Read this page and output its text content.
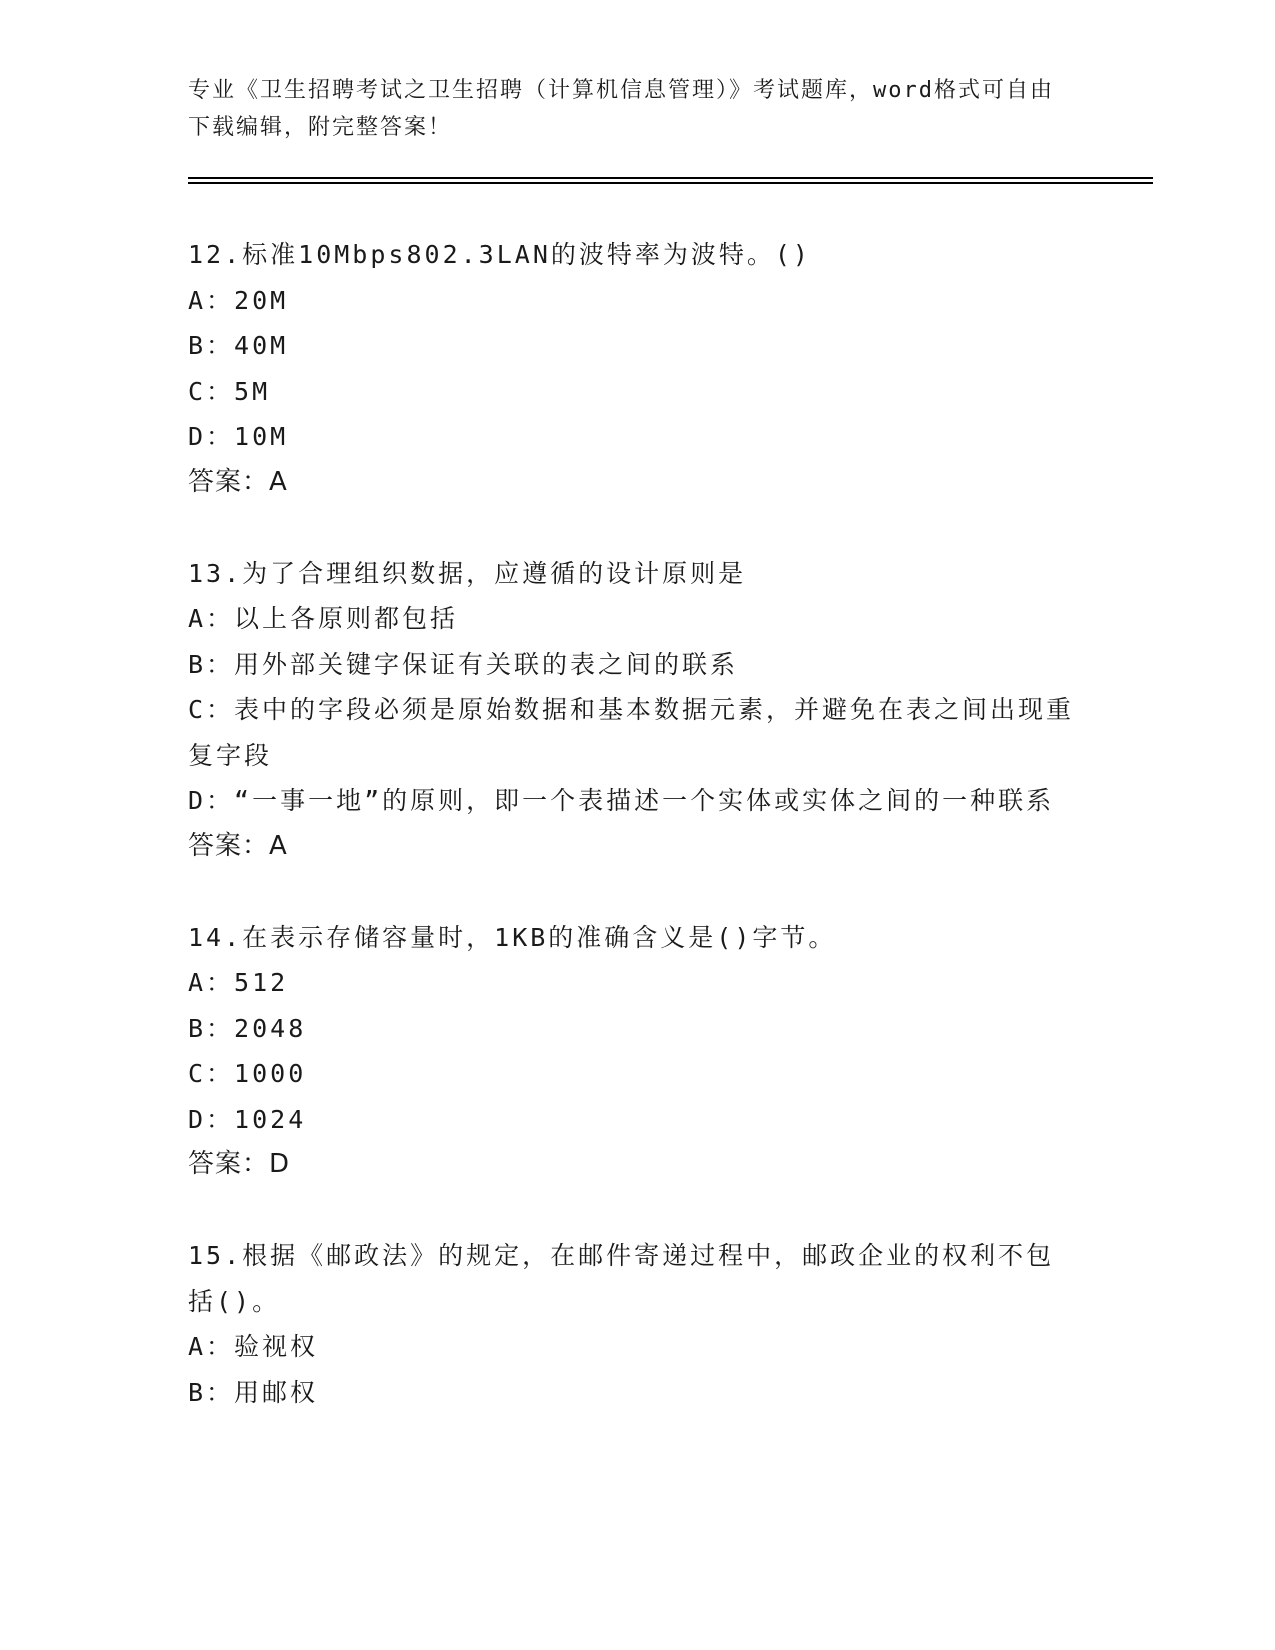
专业《卫生招聘考试之卫生招聘（计算机信息管理）》考试题库，word格式可自由下载编辑，附完整答案！
12.标准10Mbps802.3LAN的波特率为波特。()
A：20M
B：40M
C：5M
D：10M
答案：A
13.为了合理组织数据，应遵循的设计原则是
A：以上各原则都包括
B：用外部关键字保证有关联的表之间的联系
C：表中的字段必须是原始数据和基本数据元素，并避免在表之间出现重复字段
D：“一事一地”的原则，即一个表描述一个实体或实体之间的一种联系
答案：A
14.在表示存储容量时，1KB的准确含义是()字节。
A：512
B：2048
C：1000
D：1024
答案：D
15.根据《邮政法》的规定，在邮件寄递过程中，邮政企业的权利不包括()。
A：验视权
B：用邮权
